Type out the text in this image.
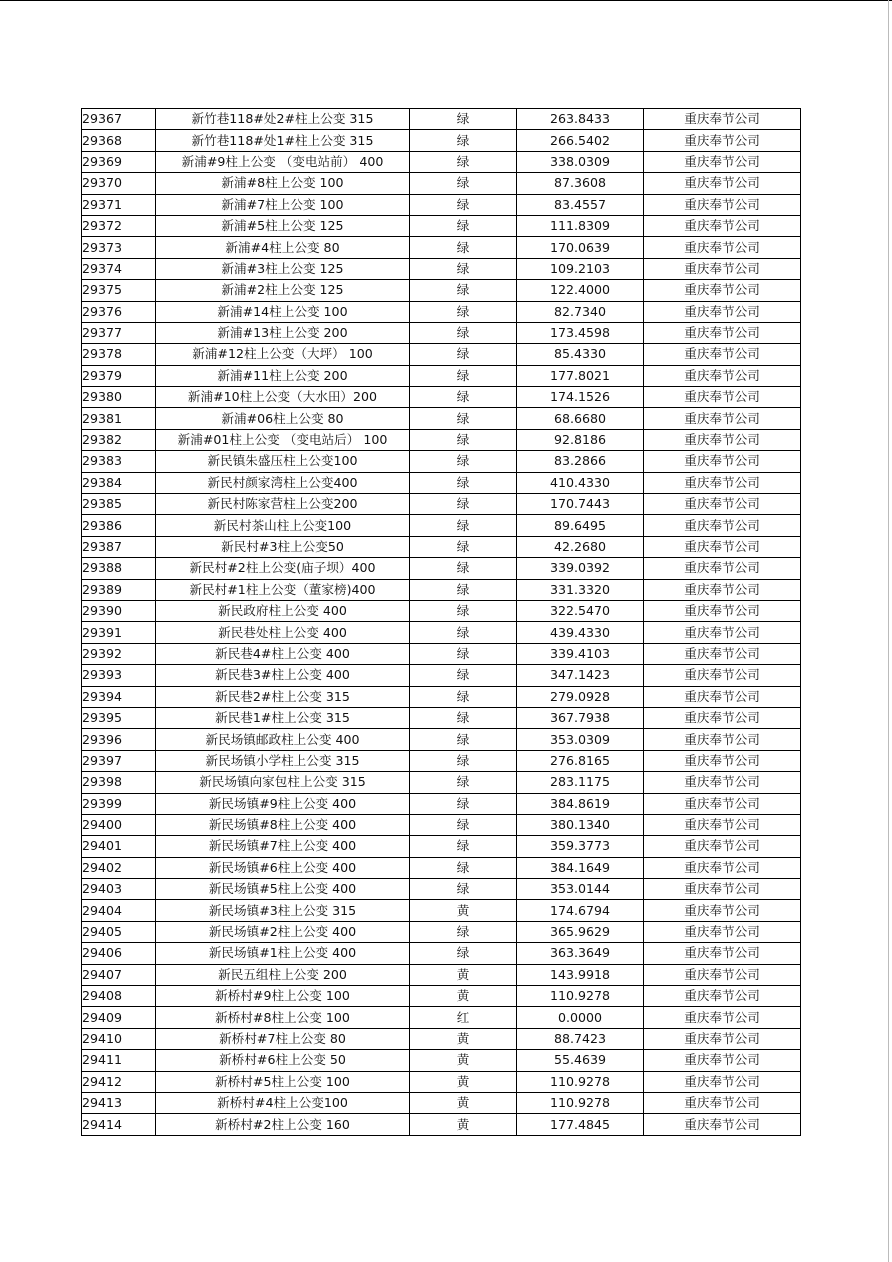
29367	新竹巷118#处2#柱上公变 315	绿	263.8433	重庆奉节公司
29368	新竹巷118#处1#柱上公变 315	绿	266.5402	重庆奉节公司
29369	新浦#9柱上公变 （变电站前） 400	绿	338.0309	重庆奉节公司
29370	新浦#8柱上公变 100	绿	87.3608	重庆奉节公司
29371	新浦#7柱上公变 100	绿	83.4557	重庆奉节公司
29372	新浦#5柱上公变 125	绿	111.8309	重庆奉节公司
29373	新浦#4柱上公变 80	绿	170.0639	重庆奉节公司
29374	新浦#3柱上公变 125	绿	109.2103	重庆奉节公司
29375	新浦#2柱上公变 125	绿	122.4000	重庆奉节公司
29376	新浦#14柱上公变 100	绿	82.7340	重庆奉节公司
29377	新浦#13柱上公变 200	绿	173.4598	重庆奉节公司
29378	新浦#12柱上公变（大坪） 100	绿	85.4330	重庆奉节公司
29379	新浦#11柱上公变 200	绿	177.8021	重庆奉节公司
29380	新浦#10柱上公变（大水田）200	绿	174.1526	重庆奉节公司
29381	新浦#06柱上公变 80	绿	68.6680	重庆奉节公司
29382	新浦#01柱上公变 （变电站后） 100	绿	92.8186	重庆奉节公司
29383	新民镇朱盛压柱上公变100	绿	83.2866	重庆奉节公司
29384	新民村颜家湾柱上公变400	绿	410.4330	重庆奉节公司
29385	新民村陈家营柱上公变200	绿	170.7443	重庆奉节公司
29386	新民村茶山柱上公变100	绿	89.6495	重庆奉节公司
29387	新民村#3柱上公变50	绿	42.2680	重庆奉节公司
29388	新民村#2柱上公变(庙子坝）400	绿	339.0392	重庆奉节公司
29389	新民村#1柱上公变（董家榜)400	绿	331.3320	重庆奉节公司
29390	新民政府柱上公变 400	绿	322.5470	重庆奉节公司
29391	新民巷处柱上公变 400	绿	439.4330	重庆奉节公司
29392	新民巷4#柱上公变 400	绿	339.4103	重庆奉节公司
29393	新民巷3#柱上公变 400	绿	347.1423	重庆奉节公司
29394	新民巷2#柱上公变 315	绿	279.0928	重庆奉节公司
29395	新民巷1#柱上公变 315	绿	367.7938	重庆奉节公司
29396	新民场镇邮政柱上公变 400	绿	353.0309	重庆奉节公司
29397	新民场镇小学柱上公变 315	绿	276.8165	重庆奉节公司
29398	新民场镇向家包柱上公变 315	绿	283.1175	重庆奉节公司
29399	新民场镇#9柱上公变 400	绿	384.8619	重庆奉节公司
29400	新民场镇#8柱上公变 400	绿	380.1340	重庆奉节公司
29401	新民场镇#7柱上公变 400	绿	359.3773	重庆奉节公司
29402	新民场镇#6柱上公变 400	绿	384.1649	重庆奉节公司
29403	新民场镇#5柱上公变 400	绿	353.0144	重庆奉节公司
29404	新民场镇#3柱上公变 315	黄	174.6794	重庆奉节公司
29405	新民场镇#2柱上公变 400	绿	365.9629	重庆奉节公司
29406	新民场镇#1柱上公变 400	绿	363.3649	重庆奉节公司
29407	新民五组柱上公变 200	黄	143.9918	重庆奉节公司
29408	新桥村#9柱上公变 100	黄	110.9278	重庆奉节公司
29409	新桥村#8柱上公变 100	红	0.0000	重庆奉节公司
29410	新桥村#7柱上公变 80	黄	88.7423	重庆奉节公司
29411	新桥村#6柱上公变 50	黄	55.4639	重庆奉节公司
29412	新桥村#5柱上公变 100	黄	110.9278	重庆奉节公司
29413	新桥村#4柱上公变100	黄	110.9278	重庆奉节公司
29414	新桥村#2柱上公变 160	黄	177.4845	重庆奉节公司
